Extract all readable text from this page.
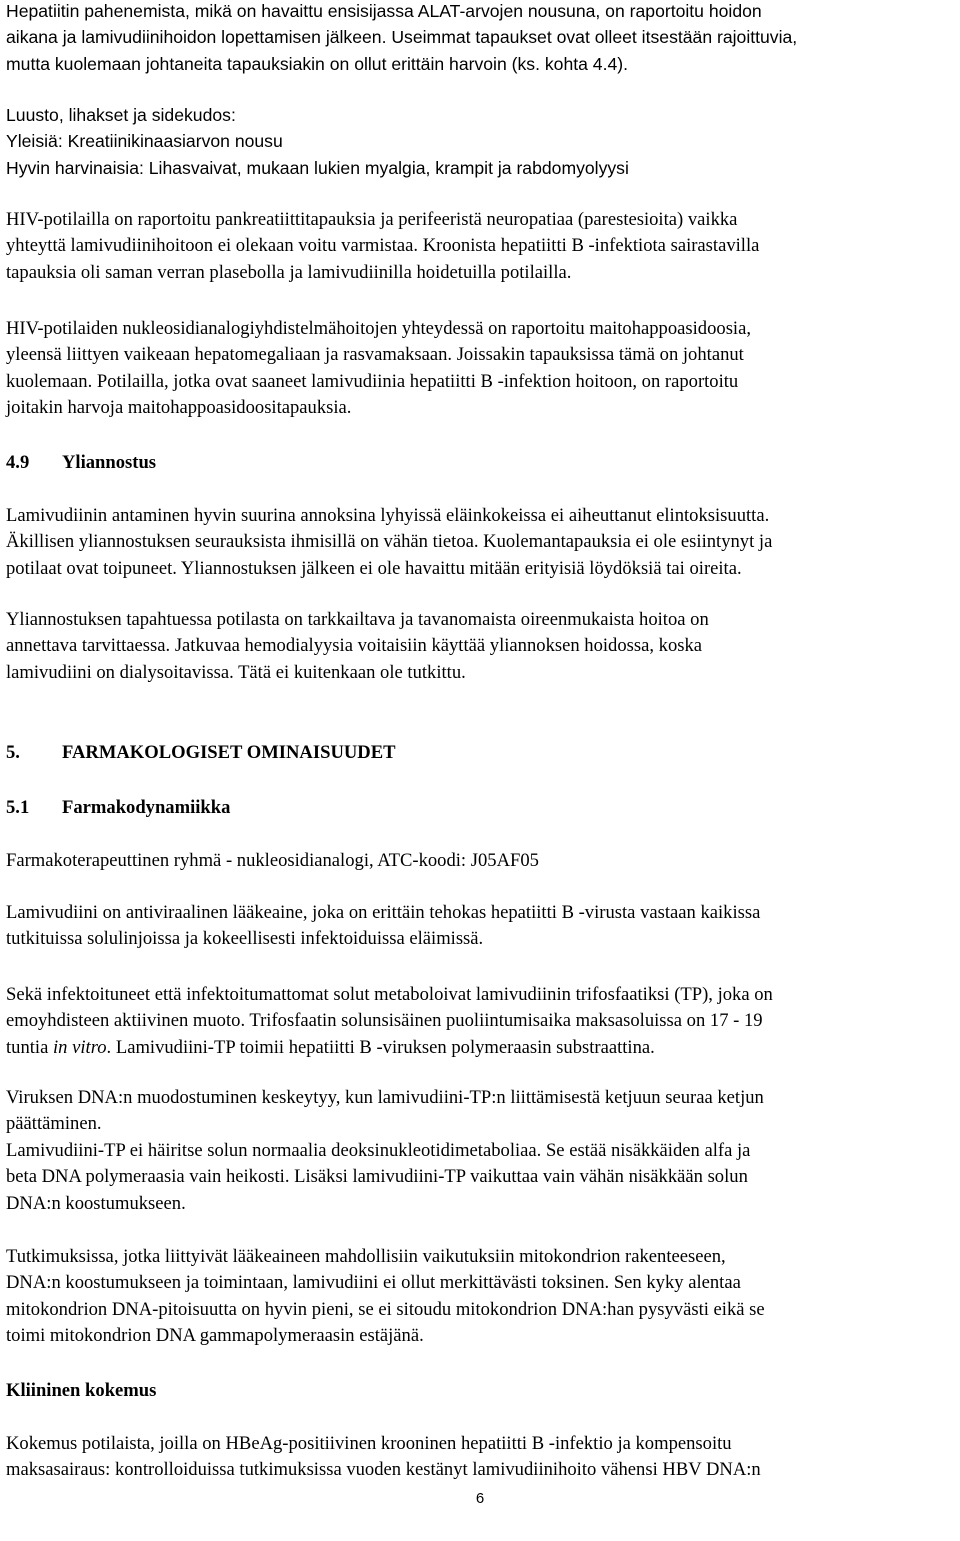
Hepatiitin pahenemista, mikä on havaittu ensisijassa ALAT-arvojen nousuna, on raportoitu hoidon
aikana ja lamivudiinihoidon lopettamisen jälkeen. Useimmat tapaukset ovat olleet itsestään rajoittuvia,
mutta kuolemaan johtaneita tapauksiakin on ollut erittäin harvoin (ks. kohta 4.4).
Luusto, lihakset ja sidekudos:
Yleisiä: Kreatiinikinaasiarvon nousu
Hyvin harvinaisia: Lihasvaivat, mukaan lukien myalgia, krampit ja rabdomyolyysi
HIV-potilailla on raportoitu pankreatiittitapauksia ja perifeeristä neuropatiaa (parestesioita) vaikka
yhteyttä lamivudiinihoitoon ei olekaan voitu varmistaa. Kroonista hepatiitti B -infektiota sairastavilla
tapauksia oli saman verran plasebolla ja lamivudiinilla hoidetuilla potilailla.
HIV-potilaiden nukleosidianalogiyhdistelmähoitojen yhteydessä on raportoitu maitohappoasidoosia,
yleensä liittyen vaikeaan hepatomegaliaan ja rasvamaksaan. Joissakin tapauksissa tämä on johtanut
kuolemaan. Potilailla, jotka ovat saaneet lamivudiinia hepatiitti B -infektion hoitoon, on raportoitu
joitakin harvoja maitohappoasidoositapauksia.
4.9 Yliannostus
Lamivudiinin antaminen hyvin suurina annoksina lyhyissä eläinkokeissa ei aiheuttanut elintoksisuutta.
Äkillisen yliannostuksen seurauksista ihmisillä on vähän tietoa. Kuolemantapauksia ei ole esiintynyt ja
potilaat ovat toipuneet. Yliannostuksen jälkeen ei ole havaittu mitään erityisiä löydöksiä tai oireita.
Yliannostuksen tapahtuessa potilasta on tarkkailtava ja tavanomaista oireenmukaista hoitoa on
annettava tarvittaessa. Jatkuvaa hemodialyysia voitaisiin käyttää yliannoksen hoidossa, koska
lamivudiini on dialysoitavissa. Tätä ei kuitenkaan ole tutkittu.
5. FARMAKOLOGISET OMINAISUUDET
5.1 Farmakodynamiikka
Farmakoterapeuttinen ryhmä - nukleosidianalogi, ATC-koodi: J05AF05
Lamivudiini on antiviraalinen lääkeaine, joka on erittäin tehokas hepatiitti B -virusta vastaan kaikissa
tutkituissa solulinjoissa ja kokeellisesti infektoiduissa eläimissä.
Sekä infektoituneet että infektoitumattomat solut metaboloivat lamivudiinin trifosfaatiksi (TP), joka on
emoyhdisteen aktiivinen muoto. Trifosfaatin solunsisäinen puoliintumisaika maksasoluissa on 17 - 19
tuntia in vitro. Lamivudiini-TP toimii hepatiitti B -viruksen polymeraasin substraattina.
Viruksen DNA:n muodostuminen keskeytyy, kun lamivudiini-TP:n liittämisestä ketjuun seuraa ketjun
päättäminen.
Lamivudiini-TP ei häiritse solun normaalia deoksinukleotidimetaboliaa. Se estää nisäkkäiden alfa ja
beta DNA polymeraasia vain heikosti. Lisäksi lamivudiini-TP vaikuttaa vain vähän nisäkkään solun
DNA:n koostumukseen.
Tutkimuksissa, jotka liittyivät lääkeaineen mahdollisiin vaikutuksiin mitokondrion rakenteeseen,
DNA:n koostumukseen ja toimintaan, lamivudiini ei ollut merkittävästi toksinen. Sen kyky alentaa
mitokondrion DNA-pitoisuutta on hyvin pieni, se ei sitoudu mitokondrion DNA:han pysyvästi eikä se
toimi mitokondrion DNA gammapolymeraasin estäjänä.
Kliininen kokemus
Kokemus potilaista, joilla on HBeAg-positiivinen krooninen hepatiitti B -infektio ja kompensoitu
maksasairaus: kontrolloiduissa tutkimuksissa vuoden kestänyt lamivudiinihoito vähensi HBV DNA:n
6
